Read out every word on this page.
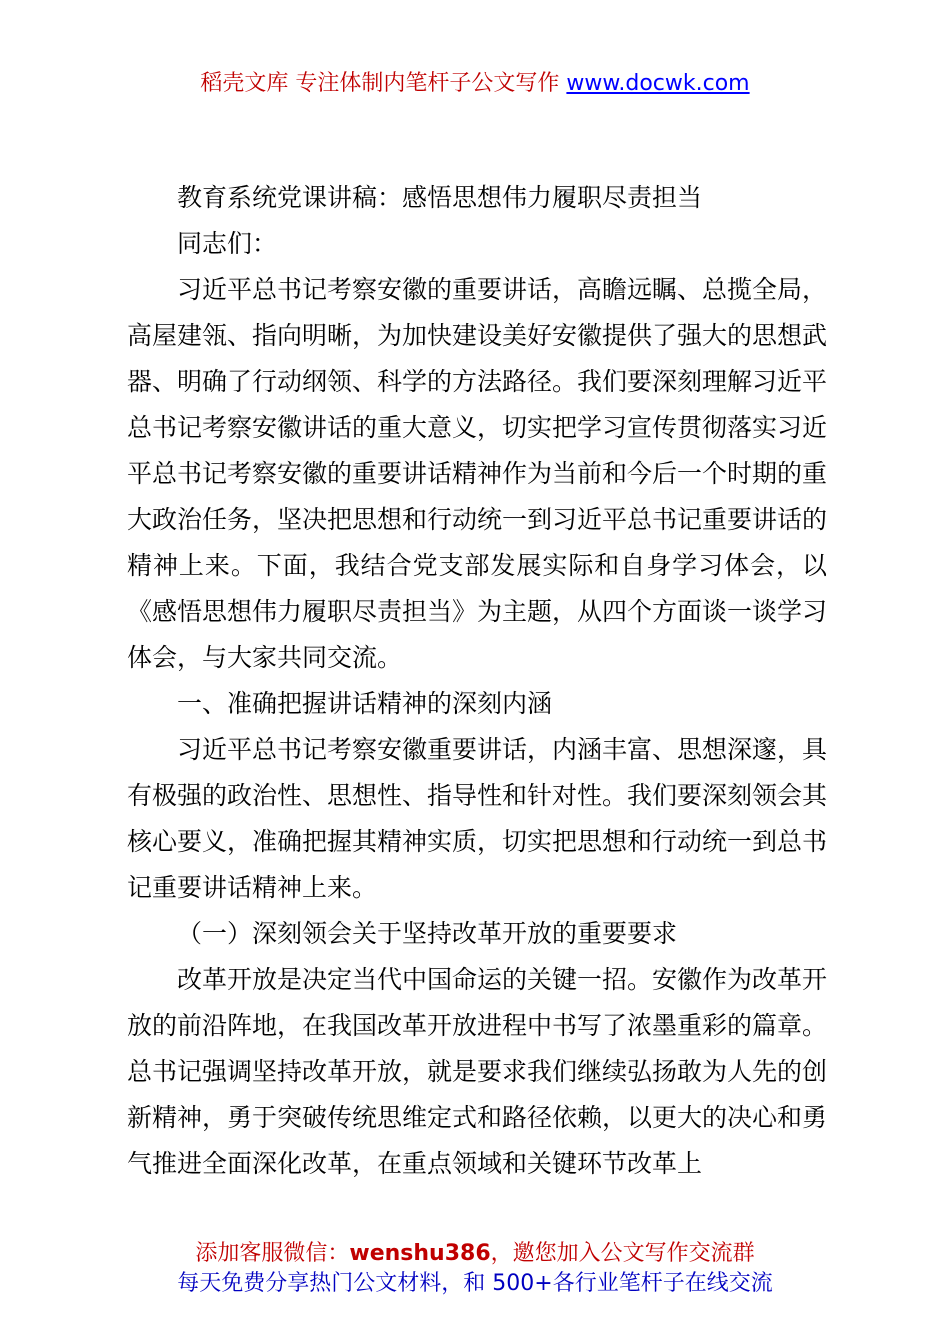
稻壳文库 专注体制内笔杆子公文写作 www.docwk.com

教育系统党课讲稿：感悟思想伟力履职尽责担当

同志们：

习近平总书记考察安徽的重要讲话，高瞻远瞩、总揽全局，高屋建瓴、指向明晰，为加快建设美好安徽提供了强大的思想武器、明确了行动纲领、科学的方法路径。我们要深刻理解习近平总书记考察安徽讲话的重大意义，切实把学习宣传贯彻落实习近平总书记考察安徽的重要讲话精神作为当前和今后一个时期的重大政治任务，坚决把思想和行动统一到习近平总书记重要讲话的精神上来。下面，我结合党支部发展实际和自身学习体会，以《感悟思想伟力履职尽责担当》为主题，从四个方面谈一谈学习体会，与大家共同交流。

一、准确把握讲话精神的深刻内涵

习近平总书记考察安徽重要讲话，内涵丰富、思想深邃，具有极强的政治性、思想性、指导性和针对性。我们要深刻领会其核心要义，准确把握其精神实质，切实把思想和行动统一到总书记重要讲话精神上来。

（一）深刻领会关于坚持改革开放的重要要求

改革开放是决定当代中国命运的关键一招。安徽作为改革开放的前沿阵地，在我国改革开放进程中书写了浓墨重彩的篇章。总书记强调坚持改革开放，就是要求我们继续弘扬敢为人先的创新精神，勇于突破传统思维定式和路径依赖，以更大的决心和勇气推进全面深化改革，在重点领域和关键环节改革上

添加客服微信：wenshu386，邀您加入公文写作交流群
每天免费分享热门公文材料，和 500+各行业笔杆子在线交流
